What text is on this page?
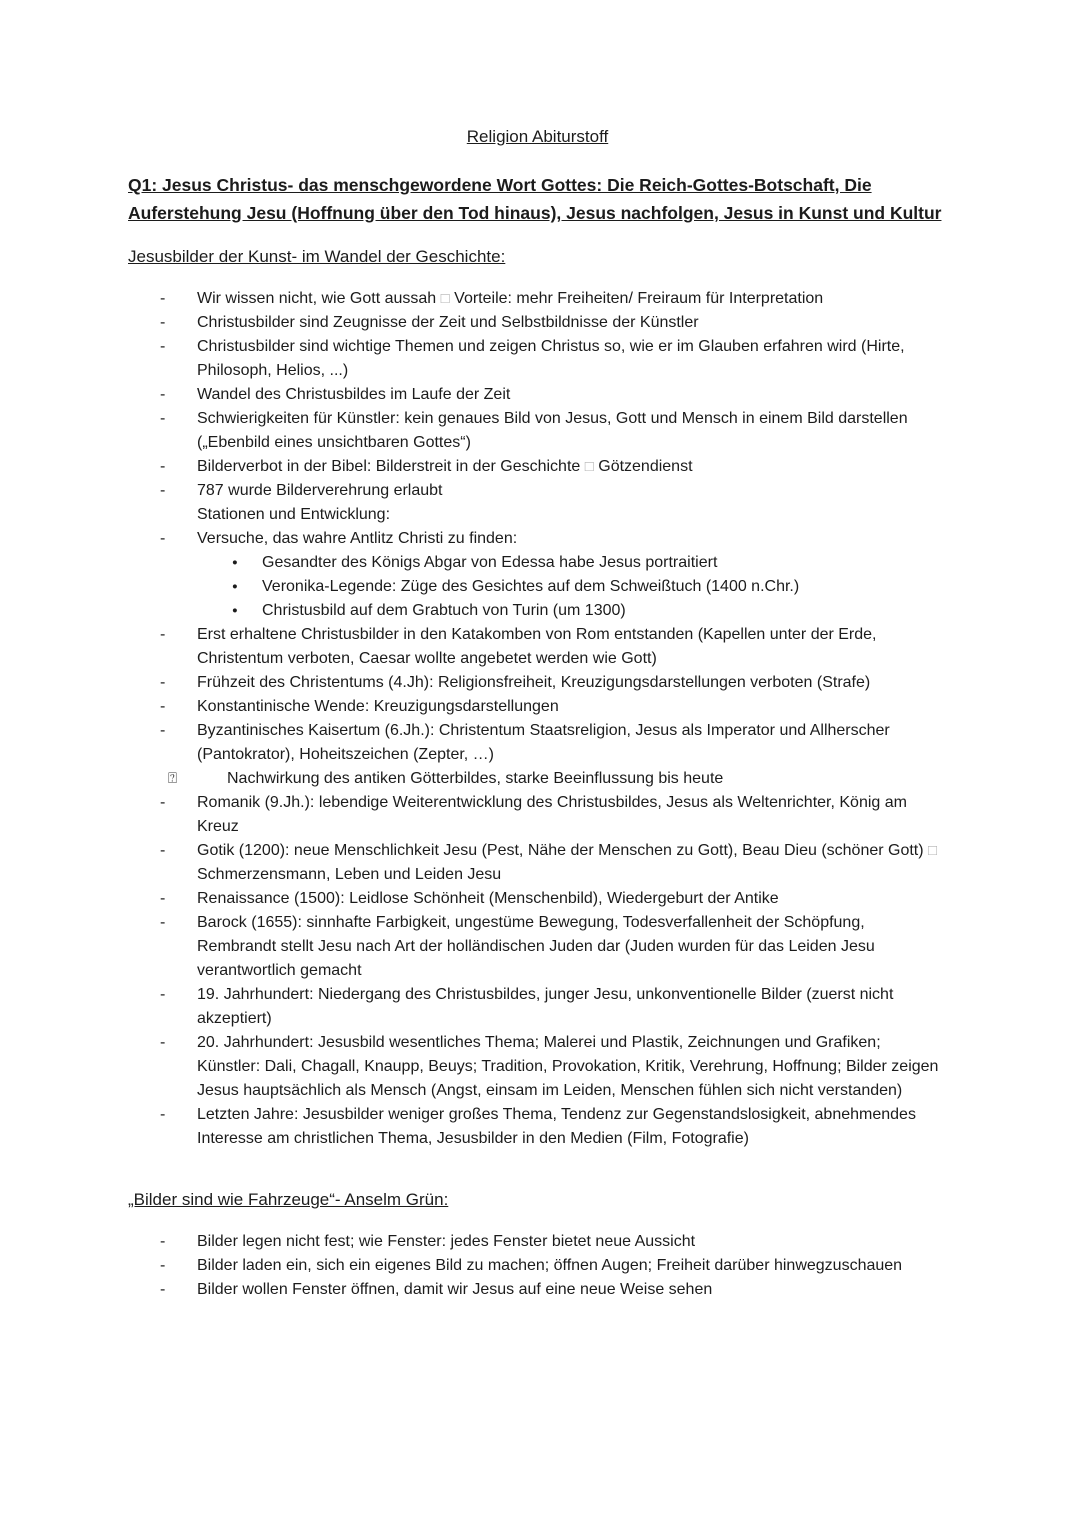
Religion Abiturstoff
Q1: Jesus Christus- das menschgewordene Wort Gottes: Die Reich-Gottes-Botschaft, Die Auferstehung Jesu (Hoffnung über den Tod hinaus), Jesus nachfolgen, Jesus in Kunst und Kultur
Jesusbilder der Kunst- im Wandel der Geschichte:
-	Wir wissen nicht, wie Gott aussah □ Vorteile: mehr Freiheiten/ Freiraum für Interpretation
-	Christusbilder sind Zeugnisse der Zeit und Selbstbildnisse der Künstler
-	Christusbilder sind wichtige Themen und zeigen Christus so, wie er im Glauben erfahren wird (Hirte, Philosoph, Helios, ...)
-	Wandel des Christusbildes im Laufe der Zeit
-	Schwierigkeiten für Künstler: kein genaues Bild von Jesus, Gott und Mensch in einem Bild darstellen („Ebenbild eines unsichtbaren Gottes“)
-	Bilderverbot in der Bibel: Bilderstreit in der Geschichte □ Götzendienst
-	787 wurde Bilderverehrung erlaubt
Stationen und Entwicklung:
-	Versuche, das wahre Antlitz Christi zu finden:
●	Gesandter des Königs Abgar von Edessa habe Jesus portraitiert
●	Veronika-Legende: Züge des Gesichtes auf dem Schweißtuch (1400 n.Chr.)
●	Christusbild auf dem Grabtuch von Turin (um 1300)
-	Erst erhaltene Christusbilder in den Katakomben von Rom entstanden (Kapellen unter der Erde, Christentum verboten, Caesar wollte angebetet werden wie Gott)
-	Frühzeit des Christentums (4.Jh): Religionsfreiheit, Kreuzigungsdarstellungen verboten (Strafe)
-	Konstantinische Wende: Kreuzigungsdarstellungen
-	Byzantinisches Kaisertum (6.Jh.): Christentum Staatsreligion, Jesus als Imperator und Allherscher (Pantokrator), Hoheitszeichen (Zepter, …)
⍰	Nachwirkung des antiken Götterbildes, starke Beeinflussung bis heute
-	Romanik (9.Jh.): lebendige Weiterentwicklung des Christusbildes, Jesus als Weltenrichter, König am Kreuz
-	Gotik (1200): neue Menschlichkeit Jesu (Pest, Nähe der Menschen zu Gott), Beau Dieu (schöner Gott) □ Schmerzensmann, Leben und Leiden Jesu
-	Renaissance (1500): Leidlose Schönheit (Menschenbild), Wiedergeburt der Antike
-	Barock (1655): sinnhafte Farbigkeit, ungestüme Bewegung, Todesverfallenheit der Schöpfung, Rembrandt stellt Jesu nach Art der holländischen Juden dar (Juden wurden für das Leiden Jesu verantwortlich gemacht
-	19. Jahrhundert: Niedergang des Christusbildes, junger Jesu, unkonventionelle Bilder (zuerst nicht akzeptiert)
-	20. Jahrhundert: Jesusbild wesentliches Thema; Malerei und Plastik, Zeichnungen und Grafiken; Künstler: Dali, Chagall, Knaupp, Beuys; Tradition, Provokation, Kritik, Verehrung, Hoffnung; Bilder zeigen Jesus hauptsächlich als Mensch (Angst, einsam im Leiden, Menschen fühlen sich nicht verstanden)
-	Letzten Jahre: Jesusbilder weniger großes Thema, Tendenz zur Gegenstandslosigkeit, abnehmendes Interesse am christlichen Thema, Jesusbilder in den Medien (Film, Fotografie)
„Bilder sind wie Fahrzeuge“- Anselm Grün:
-	Bilder legen nicht fest; wie Fenster: jedes Fenster bietet neue Aussicht
-	Bilder laden ein, sich ein eigenes Bild zu machen; öffnen Augen; Freiheit darüber hinwegzuschauen
-	Bilder wollen Fenster öffnen, damit wir Jesus auf eine neue Weise sehen
